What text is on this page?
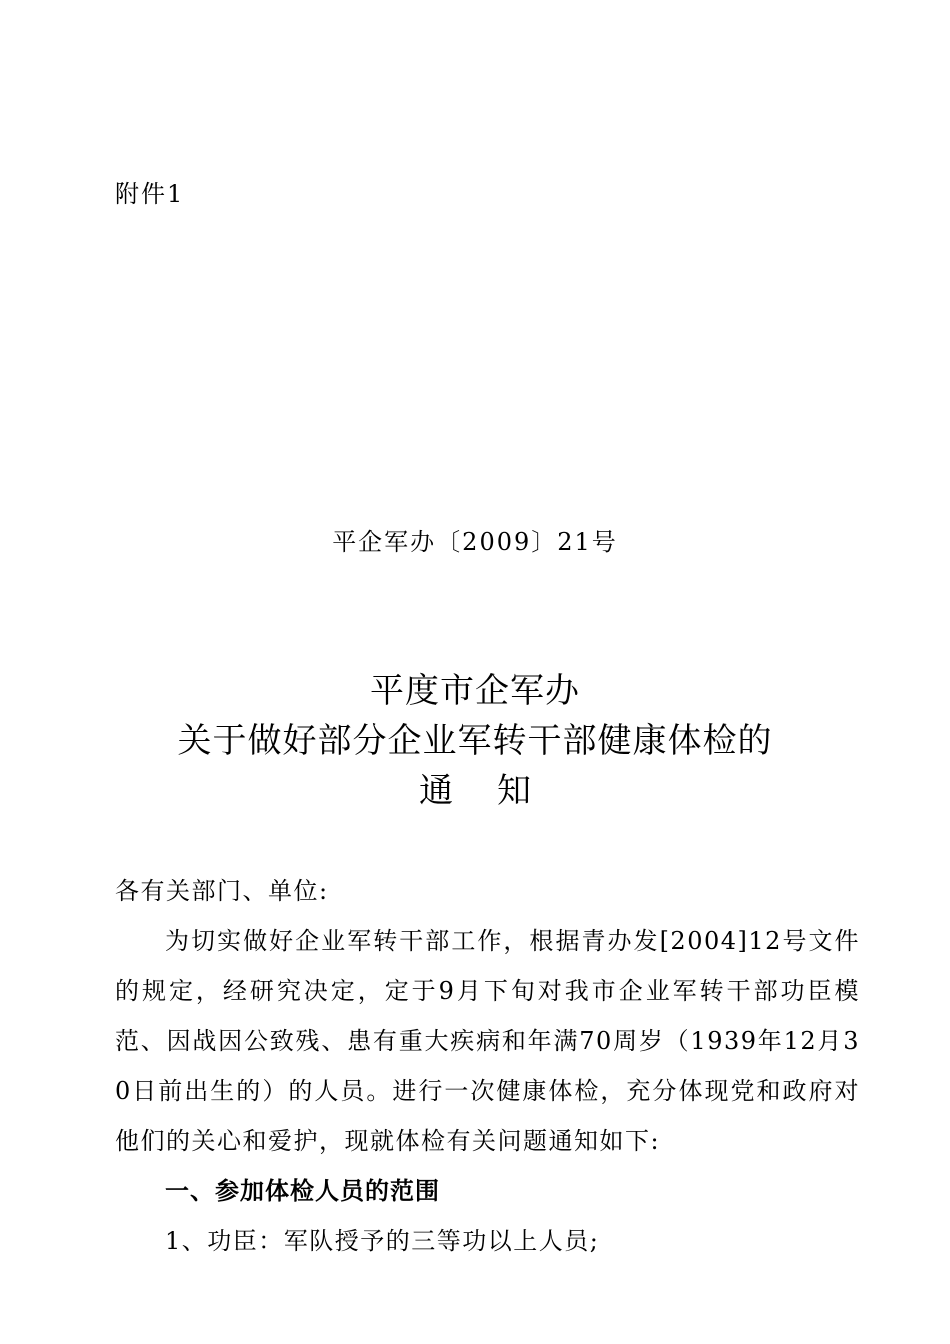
附件1
平企军办〔2009〕21号
平度市企军办
关于做好部分企业军转干部健康体检的
通知
各有关部门、单位:
为切实做好企业军转干部工作，根据青办发[2004]12号文件的规定，经研究决定，定于9月下旬对我市企业军转干部功臣模范、因战因公致残、患有重大疾病和年满70周岁（1939年12月30日前出生的）的人员。进行一次健康体检，充分体现党和政府对他们的关心和爱护，现就体检有关问题通知如下:
一、参加体检人员的范围
1、功臣：军队授予的三等功以上人员;
